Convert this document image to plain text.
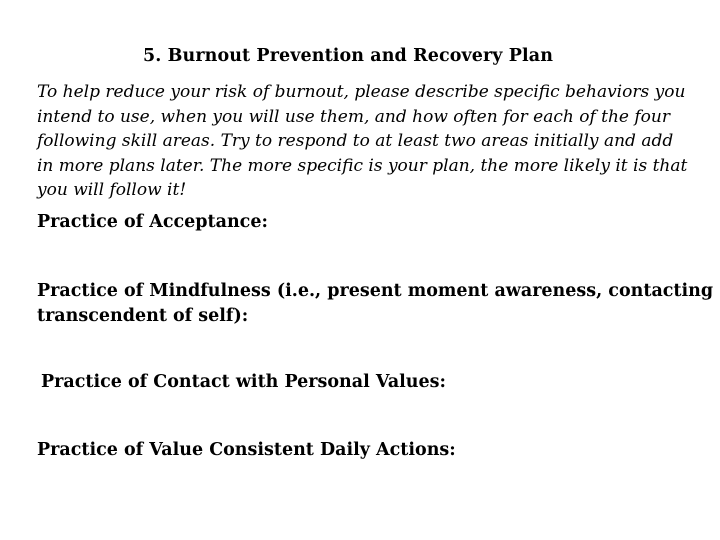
5. Burnout Prevention and Recovery Plan
To help reduce your risk of burnout, please describe specific behaviors you
intend to use, when you will use them, and how often for each of the four
following skill areas. Try to respond to at least two areas initially and add
in more plans later. The more specific is your plan, the more likely it is that
you will follow it!
Practice of Acceptance:
Practice of Mindfulness (i.e., present moment awareness, contacting
transcendent of self):
Practice of Contact with Personal Values:
Practice of Value Consistent Daily Actions:
